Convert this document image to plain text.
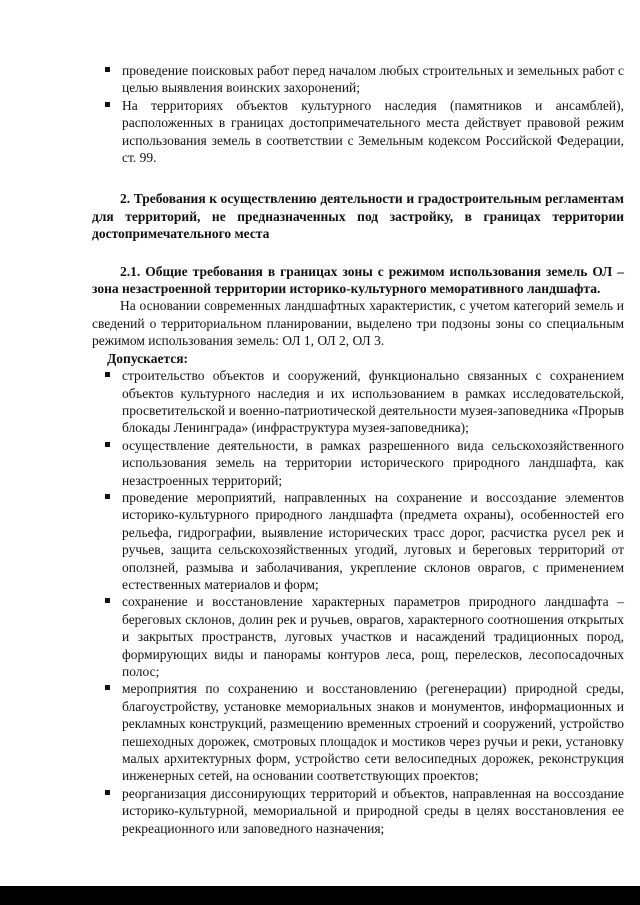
проведение поисковых работ перед началом любых строительных и земельных работ с целью выявления воинских захоронений;
На территориях объектов культурного наследия (памятников и ансамблей), расположенных в границах достопримечательного места действует правовой режим использования земель в соответствии с Земельным кодексом Российской Федерации, ст. 99.

2. Требования к осуществлению деятельности и градостроительным регламентам для территорий, не предназначенных под застройку, в границах территории достопримечательного места

2.1. Общие требования в границах зоны с режимом использования земель ОЛ – зона незастроенной территории историко-культурного меморативного ландшафта.

На основании современных ландшафтных характеристик, с учетом категорий земель и сведений о территориальном планировании, выделено три подзоны зоны со специальным режимом использования земель: ОЛ 1, ОЛ 2, ОЛ 3.

Допускается:

строительство объектов и сооружений, функционально связанных с сохранением объектов культурного наследия и их использованием в рамках исследовательской, просветительской и военно-патриотической деятельности музея-заповедника «Прорыв блокады Ленинграда» (инфраструктура музея-заповедника);
осуществление деятельности, в рамках разрешенного вида сельскохозяйственного использования земель на территории исторического природного ландшафта, как незастроенных территорий;
проведение мероприятий, направленных на сохранение и воссоздание элементов историко-культурного природного ландшафта (предмета охраны), особенностей его рельефа, гидрографии, выявление исторических трасс дорог, расчистка русел рек и ручьев, защита сельскохозяйственных угодий, луговых и береговых территорий от оползней, размыва и заболачивания, укрепление склонов оврагов, с применением естественных материалов и форм;
сохранение и восстановление характерных параметров природного ландшафта – береговых склонов, долин рек и ручьев, оврагов, характерного соотношения открытых и закрытых пространств, луговых участков и насаждений традиционных пород, формирующих виды и панорамы контуров леса, рощ, перелесков, лесопосадочных полос;
мероприятия по сохранению и восстановлению (регенерации) природной среды, благоустройству, установке мемориальных знаков и монументов, информационных и рекламных конструкций, размещению временных строений и сооружений, устройство пешеходных дорожек, смотровых площадок и мостиков через ручьи и реки, установку малых архитектурных форм, устройство сети велосипедных дорожек, реконструкция инженерных сетей, на основании соответствующих проектов;
реорганизация диссонирующих территорий и объектов, направленная на воссоздание историко-культурной, мемориальной и природной среды в целях восстановления ее рекреационного или заповедного назначения;
